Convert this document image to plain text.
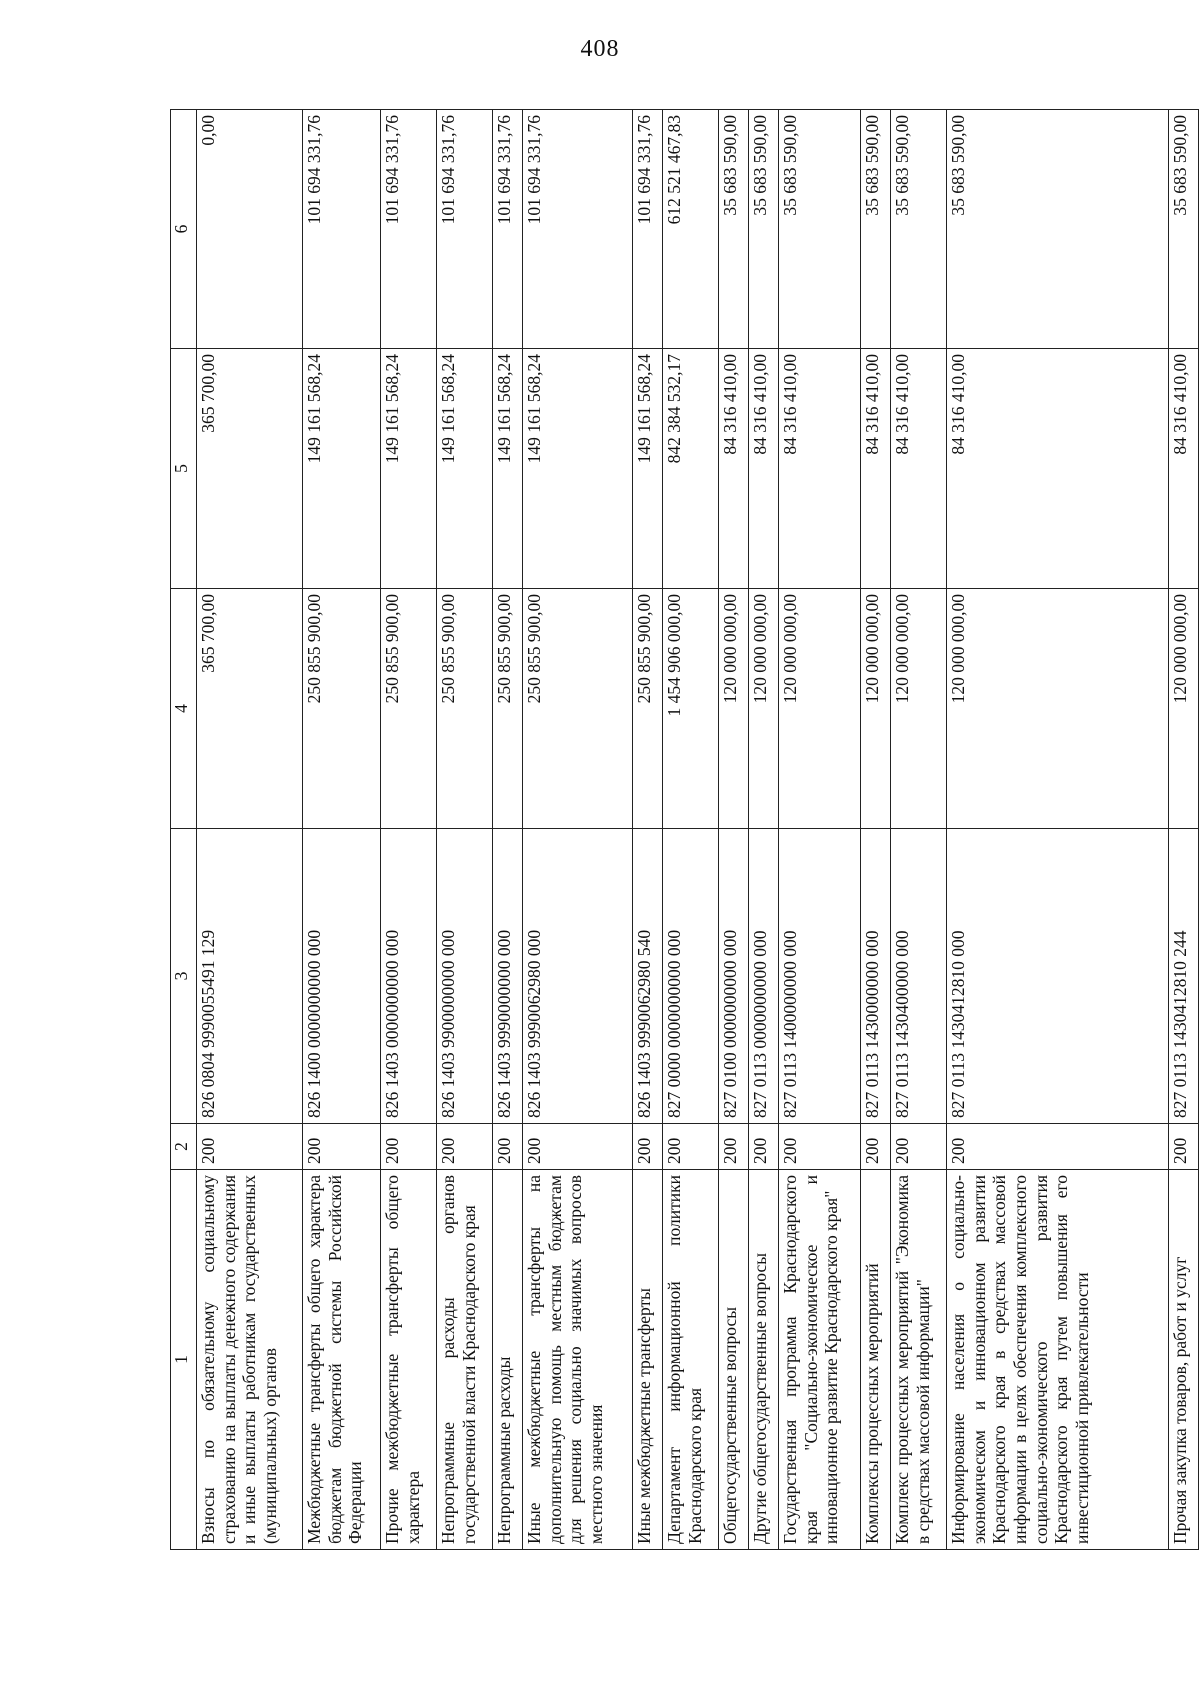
408
1	2	3	4	5	6
Взносы по обязательному социальному страхованию на выплаты денежного содержания и иные выплаты работникам государственных (муниципальных) органов	200	826 0804 9990055491 129	365 700,00	365 700,00	0,00
Межбюджетные трансферты общего характера бюджетам бюджетной системы Российской Федерации	200	826 1400 0000000000 000	250 855 900,00	149 161 568,24	101 694 331,76
Прочие межбюджетные трансферты общего характера	200	826 1403 0000000000 000	250 855 900,00	149 161 568,24	101 694 331,76
Непрограммные расходы органов государственной власти Краснодарского края	200	826 1403 9900000000 000	250 855 900,00	149 161 568,24	101 694 331,76
Непрограммные расходы	200	826 1403 9990000000 000	250 855 900,00	149 161 568,24	101 694 331,76
Иные межбюджетные трансферты на дополнительную помощь местным бюджетам для решения социально значимых вопросов местного значения	200	826 1403 9990062980 000	250 855 900,00	149 161 568,24	101 694 331,76
Иные межбюджетные трансферты	200	826 1403 9990062980 540	250 855 900,00	149 161 568,24	101 694 331,76
Департамент информационной политики Краснодарского края	200	827 0000 0000000000 000	1 454 906 000,00	842 384 532,17	612 521 467,83
Общегосударственные вопросы	200	827 0100 0000000000 000	120 000 000,00	84 316 410,00	35 683 590,00
Другие общегосударственные вопросы	200	827 0113 0000000000 000	120 000 000,00	84 316 410,00	35 683 590,00
Государственная программа Краснодарского края "Социально-экономическое и инновационное развитие Краснодарского края"	200	827 0113 1400000000 000	120 000 000,00	84 316 410,00	35 683 590,00
Комплексы процессных мероприятий	200	827 0113 1430000000 000	120 000 000,00	84 316 410,00	35 683 590,00
Комплекс процессных мероприятий "Экономика в средствах массовой информации"	200	827 0113 1430400000 000	120 000 000,00	84 316 410,00	35 683 590,00
Информирование населения о социально-экономическом и инновационном развитии Краснодарского края в средствах массовой информации в целях обеспечения комплексного социально-экономического развития Краснодарского края путем повышения его инвестиционной привлекательности	200	827 0113 1430412810 000	120 000 000,00	84 316 410,00	35 683 590,00
Прочая закупка товаров, работ и услуг	200	827 0113 1430412810 244	120 000 000,00	84 316 410,00	35 683 590,00
